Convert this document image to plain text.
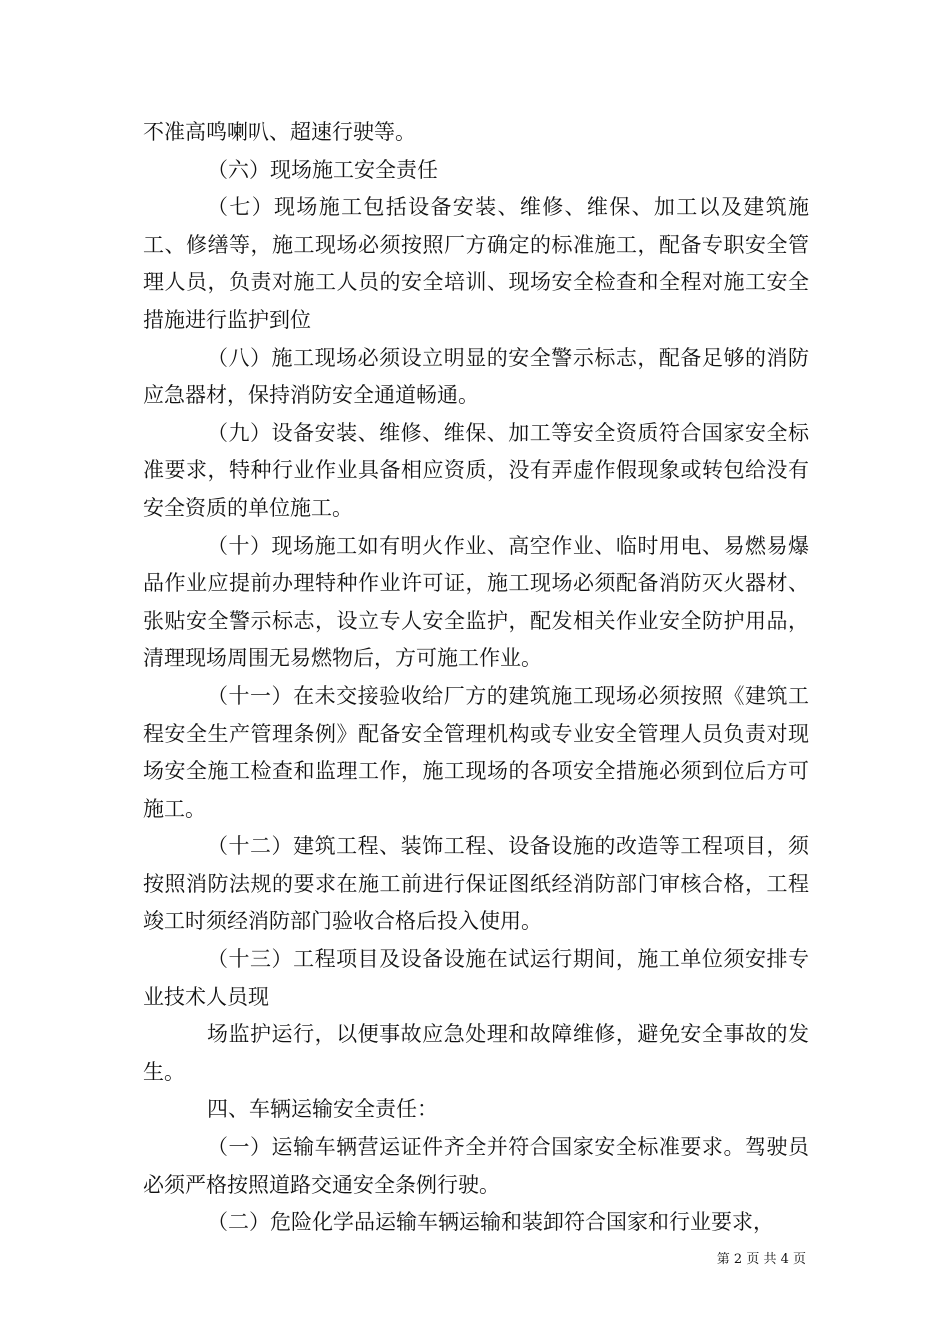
不准高鸣喇叭、超速行驶等。

（六）现场施工安全责任

（七）现场施工包括设备安装、维修、维保、加工以及建筑施工、修缮等，施工现场必须按照厂方确定的标准施工，配备专职安全管理人员，负责对施工人员的安全培训、现场安全检查和全程对施工安全措施进行监护到位

（八）施工现场必须设立明显的安全警示标志，配备足够的消防应急器材，保持消防安全通道畅通。

（九）设备安装、维修、维保、加工等安全资质符合国家安全标准要求，特种行业作业具备相应资质，没有弄虚作假现象或转包给没有安全资质的单位施工。

（十）现场施工如有明火作业、高空作业、临时用电、易燃易爆品作业应提前办理特种作业许可证，施工现场必须配备消防灭火器材、张贴安全警示标志，设立专人安全监护，配发相关作业安全防护用品，清理现场周围无易燃物后，方可施工作业。

（十一）在未交接验收给厂方的建筑施工现场必须按照《建筑工程安全生产管理条例》配备安全管理机构或专业安全管理人员负责对现场安全施工检查和监理工作，施工现场的各项安全措施必须到位后方可施工。

（十二）建筑工程、装饰工程、设备设施的改造等工程项目，须按照消防法规的要求在施工前进行保证图纸经消防部门审核合格，工程竣工时须经消防部门验收合格后投入使用。

（十三）工程项目及设备设施在试运行期间，施工单位须安排专业技术人员现

场监护运行，以便事故应急处理和故障维修，避免安全事故的发生。

四、车辆运输安全责任：

（一）运输车辆营运证件齐全并符合国家安全标准要求。驾驶员必须严格按照道路交通安全条例行驶。

（二）危险化学品运输车辆运输和装卸符合国家和行业要求，

第 2 页 共 4 页
